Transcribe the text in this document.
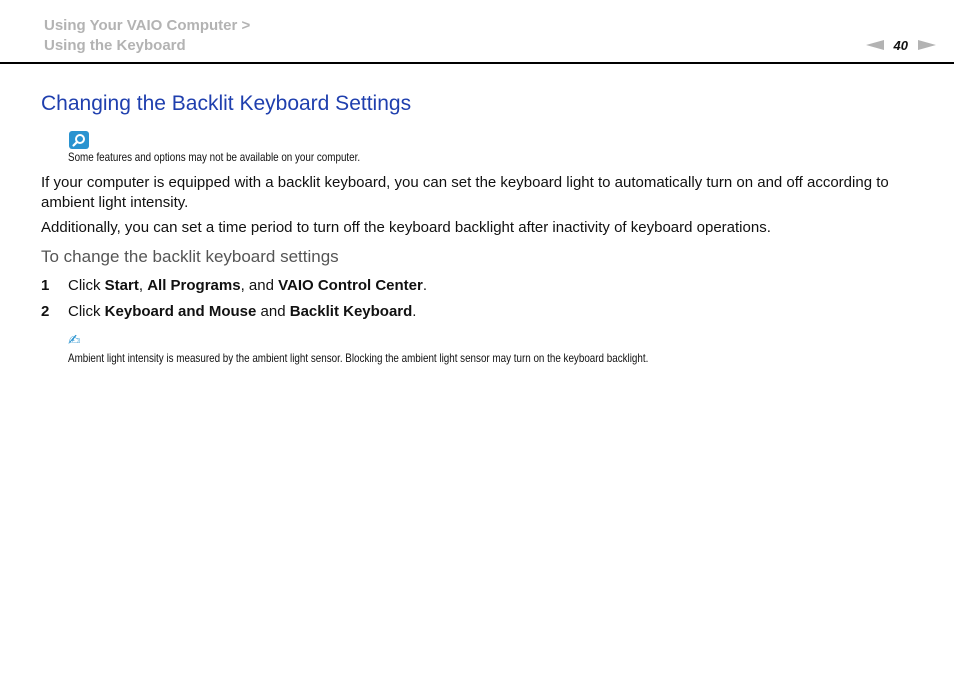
Using Your VAIO Computer >
Using the Keyboard	40
Changing the Backlit Keyboard Settings
Some features and options may not be available on your computer.
If your computer is equipped with a backlit keyboard, you can set the keyboard light to automatically turn on and off according to ambient light intensity.
Additionally, you can set a time period to turn off the keyboard backlight after inactivity of keyboard operations.
To change the backlit keyboard settings
1 Click Start, All Programs, and VAIO Control Center.
2 Click Keyboard and Mouse and Backlit Keyboard.
✍
Ambient light intensity is measured by the ambient light sensor. Blocking the ambient light sensor may turn on the keyboard backlight.
